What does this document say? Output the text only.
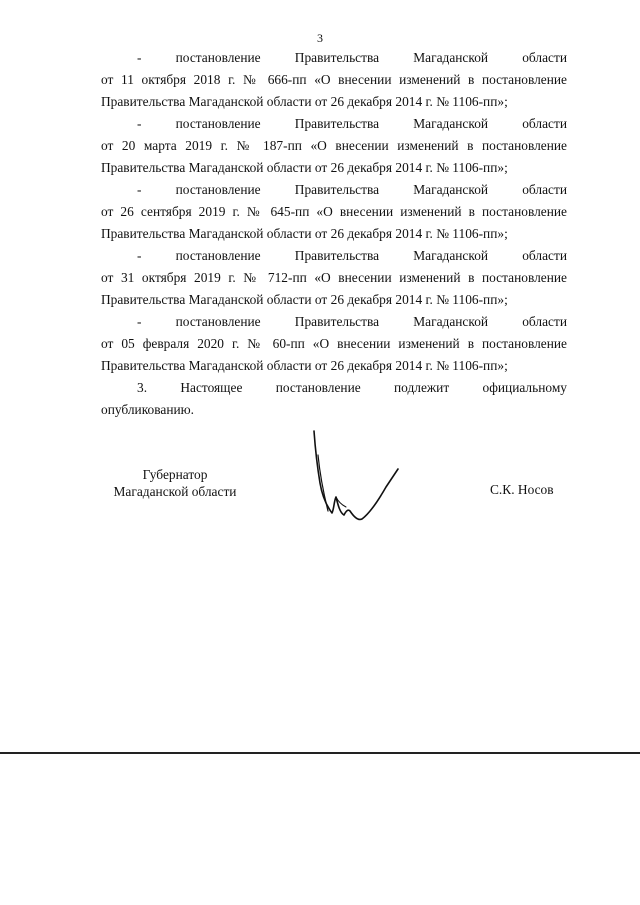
3
- постановление Правительства Магаданской области
от 11 октября 2018 г. № 666-пп «О внесении изменений в постановление
Правительства Магаданской области от 26 декабря 2014 г. № 1106-пп»;
- постановление Правительства Магаданской области
от 20 марта 2019 г. № 187-пп «О внесении изменений в постановление
Правительства Магаданской области от 26 декабря 2014 г. № 1106-пп»;
- постановление Правительства Магаданской области
от 26 сентября 2019 г. № 645-пп «О внесении изменений в постановление
Правительства Магаданской области от 26 декабря 2014 г. № 1106-пп»;
- постановление Правительства Магаданской области
от 31 октября 2019 г. № 712-пп «О внесении изменений в постановление
Правительства Магаданской области от 26 декабря 2014 г. № 1106-пп»;
- постановление Правительства Магаданской области
от 05 февраля 2020 г. № 60-пп «О внесении изменений в постановление
Правительства Магаданской области от 26 декабря 2014 г. № 1106-пп»;
3. Настоящее постановление подлежит официальному
опубликованию.
Губернатор
Магаданской области	С.К. Носов
